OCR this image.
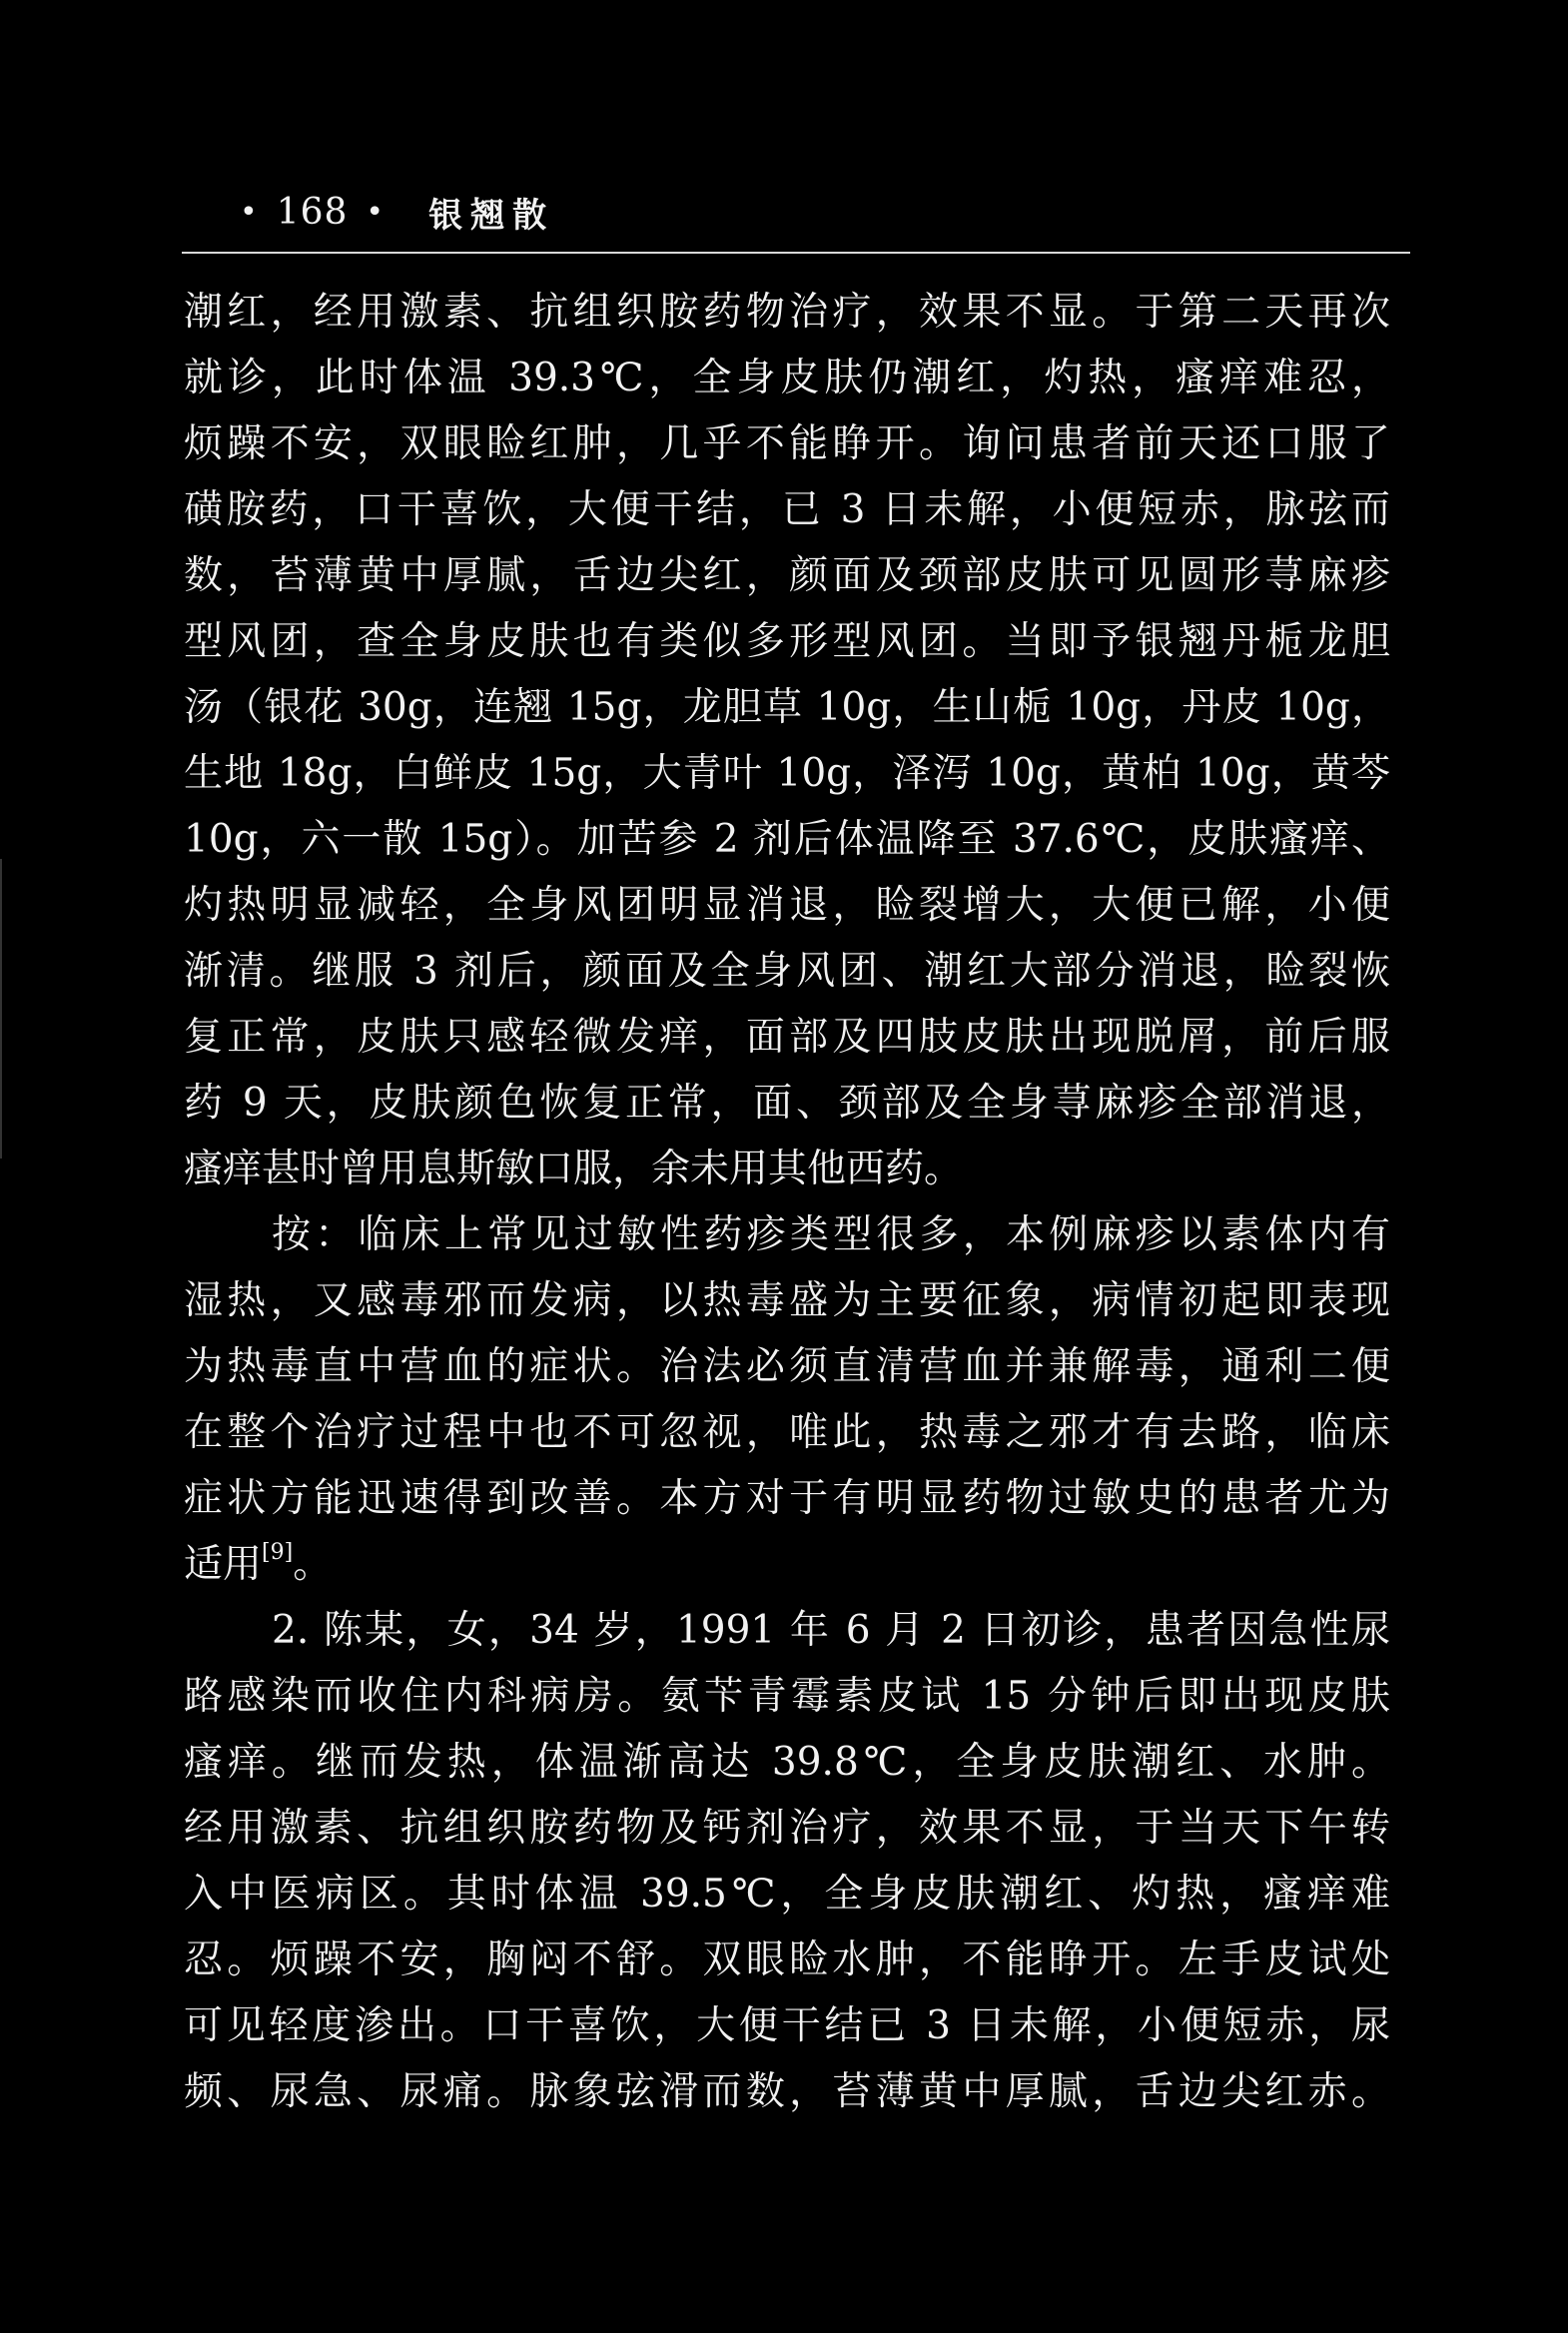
• 168 • 银翘散
潮红，经用激素、抗组织胺药物治疗，效果不显。于第二天再次
就诊，此时体温 39.3℃，全身皮肤仍潮红，灼热，瘙痒难忍，
烦躁不安，双眼睑红肿，几乎不能睁开。询问患者前天还口服了
磺胺药，口干喜饮，大便干结，已 3 日未解，小便短赤，脉弦而
数，苔薄黄中厚腻，舌边尖红，颜面及颈部皮肤可见圆形荨麻疹
型风团，查全身皮肤也有类似多形型风团。当即予银翘丹栀龙胆
汤（银花 30g，连翘 15g，龙胆草 10g，生山栀 10g，丹皮 10g，
生地 18g，白鲜皮 15g，大青叶 10g，泽泻 10g，黄柏 10g，黄芩
10g，六一散 15g）。加苦参 2 剂后体温降至 37.6℃，皮肤瘙痒、
灼热明显减轻，全身风团明显消退，睑裂增大，大便已解，小便
渐清。继服 3 剂后，颜面及全身风团、潮红大部分消退，睑裂恢
复正常，皮肤只感轻微发痒，面部及四肢皮肤出现脱屑，前后服
药 9 天，皮肤颜色恢复正常，面、颈部及全身荨麻疹全部消退，
瘙痒甚时曾用息斯敏口服，余未用其他西药。
按：临床上常见过敏性药疹类型很多，本例麻疹以素体内有
湿热，又感毒邪而发病，以热毒盛为主要征象，病情初起即表现
为热毒直中营血的症状。治法必须直清营血并兼解毒，通利二便
在整个治疗过程中也不可忽视，唯此，热毒之邪才有去路，临床
症状方能迅速得到改善。本方对于有明显药物过敏史的患者尤为
适用[9]。
2. 陈某，女，34 岁，1991 年 6 月 2 日初诊，患者因急性尿
路感染而收住内科病房。氨苄青霉素皮试 15 分钟后即出现皮肤
瘙痒。继而发热，体温渐高达 39.8℃，全身皮肤潮红、水肿。
经用激素、抗组织胺药物及钙剂治疗，效果不显，于当天下午转
入中医病区。其时体温 39.5℃，全身皮肤潮红、灼热，瘙痒难
忍。烦躁不安，胸闷不舒。双眼睑水肿，不能睁开。左手皮试处
可见轻度渗出。口干喜饮，大便干结已 3 日未解，小便短赤，尿
频、尿急、尿痛。脉象弦滑而数，苔薄黄中厚腻，舌边尖红赤。
